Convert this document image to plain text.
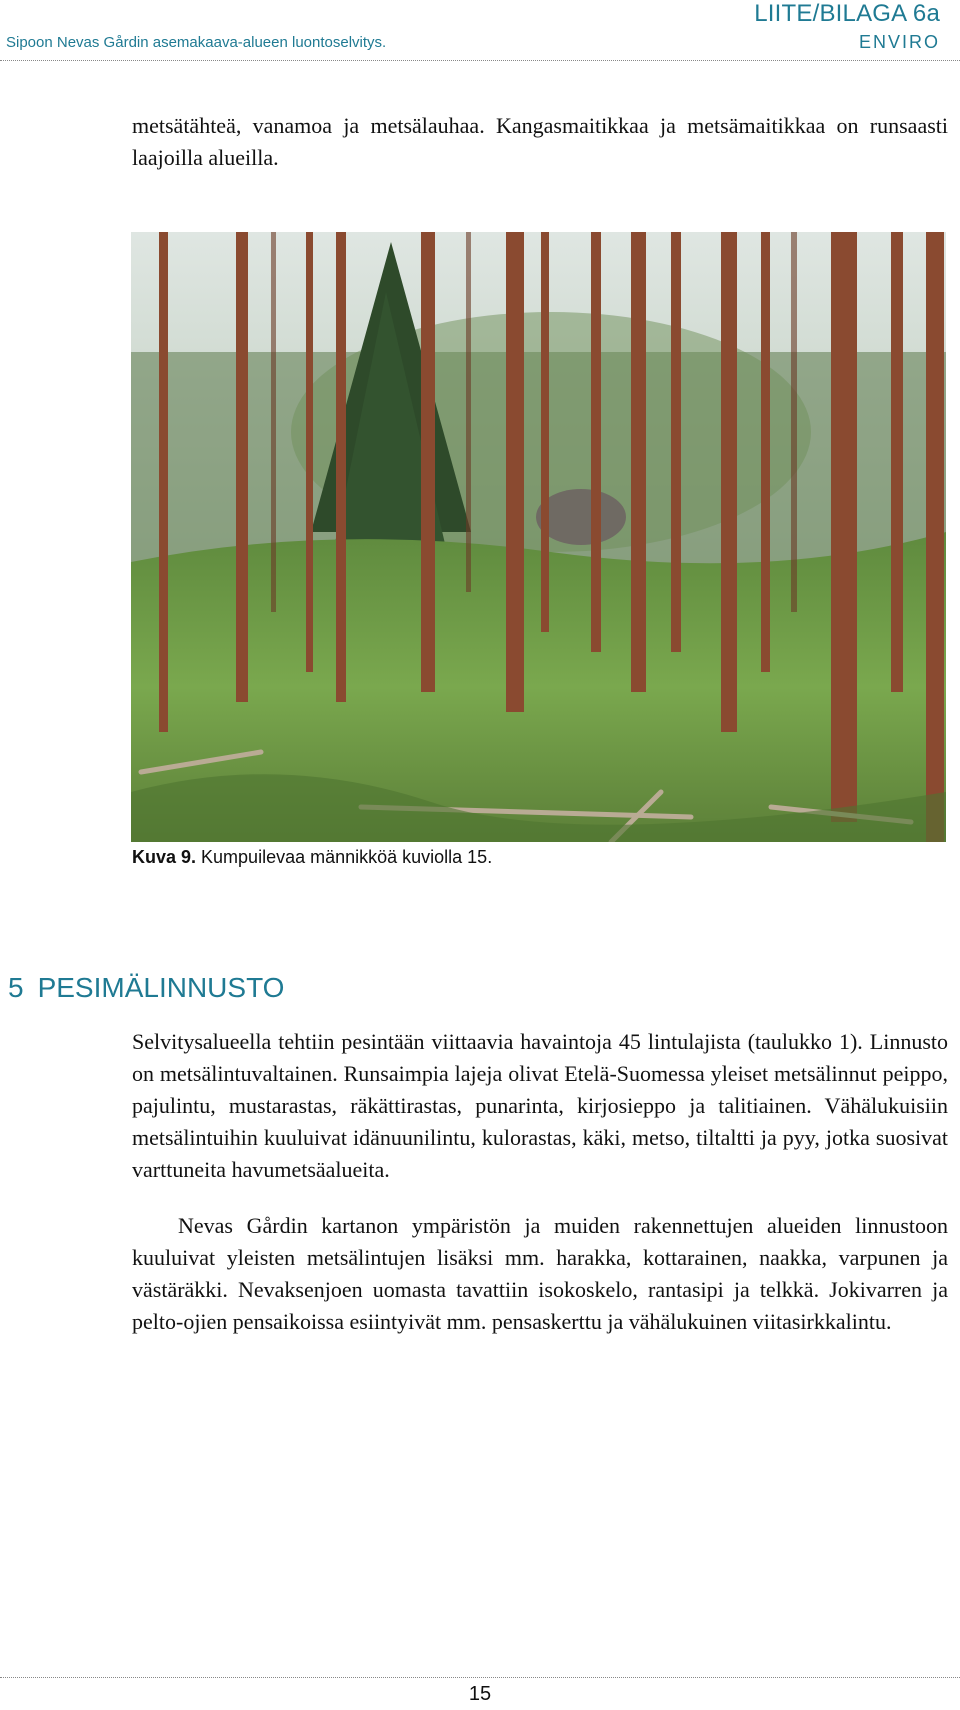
Sipoon Nevas Gårdin asemakaava-alueen luontoselvitys.
LIITE/BILAGA 6a
ENVIRO

metsätähteä, vanamoa ja metsälauhaa. Kangasmaitikkaa ja metsämaitikkaa on runsaasti laajoilla alueilla.

Kuva 9. Kumpuilevaa männikköä kuviolla 15.
5 PESIMÄLINNUSTO

Selvitysalueella tehtiin pesintään viittaavia havaintoja 45 lintulajista (taulukko 1). Linnusto on metsälintuvaltainen. Runsaimpia lajeja olivat Etelä-Suomessa yleiset metsälinnut peippo, pajulintu, mustarastas, räkättirastas, punarinta, kirjosieppo ja talitiainen. Vähälukuisiin metsälintuihin kuuluivat idänuunilintu, kulorastas, käki, metso, tiltaltti ja pyy, jotka suosivat varttuneita havumetsäalueita.

Nevas Gårdin kartanon ympäristön ja muiden rakennettujen alueiden linnustoon kuuluivat yleisten metsälintujen lisäksi mm. harakka, kottarainen, naakka, varpunen ja västäräkki. Nevaksenjoen uomasta tavattiin isokoskelo, rantasipi ja telkkä. Jokivarren ja pelto-ojien pensaikoissa esiintyivät mm. pensaskerttu ja vähälukuinen viitasirkkalintu.

15
